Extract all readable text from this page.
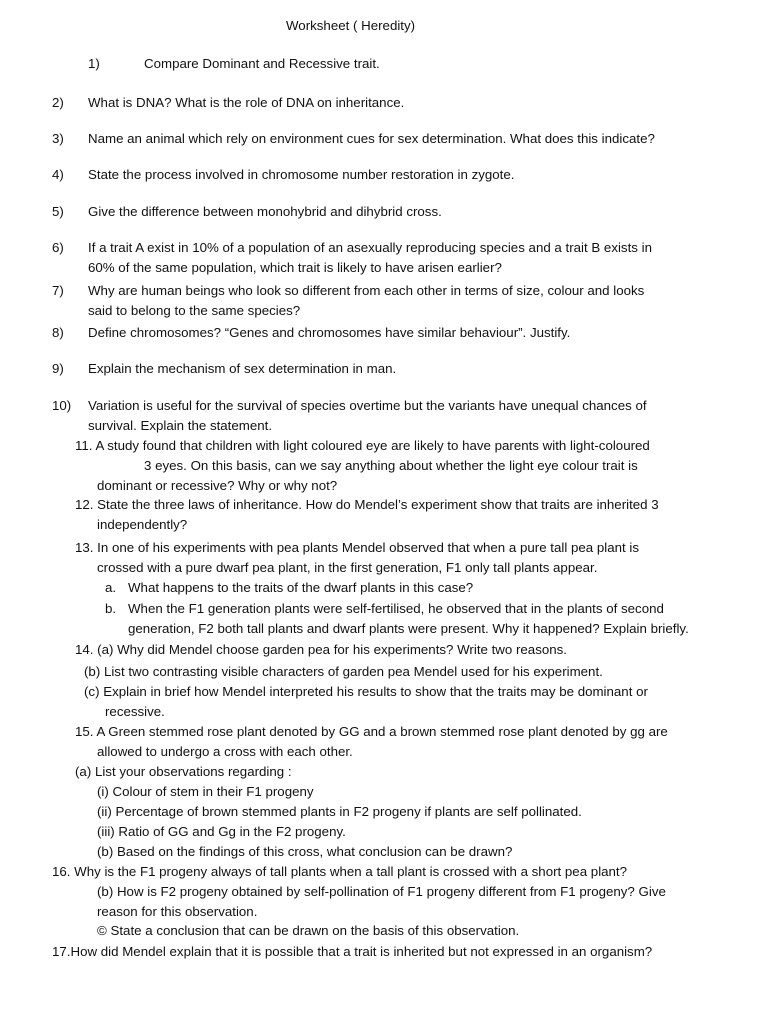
Worksheet ( Heredity)
1)	Compare Dominant and Recessive trait.
2) What is DNA? What is the role of DNA on inheritance.
3) Name an animal which rely on environment cues for sex determination. What does this indicate?
4) State the process involved in chromosome number restoration in zygote.
5) Give the difference between monohybrid and dihybrid cross.
6) If a trait A exist in 10% of a population of an asexually reproducing species and a trait B exists in
60% of the same population, which trait is likely to have arisen earlier?
7) Why are human beings who look so different from each other in terms of size, colour and looks
said to belong to the same species?
8) Define chromosomes? “Genes and chromosomes have similar behaviour”. Justify.
9) Explain the mechanism of sex determination in man.
10) Variation is useful for the survival of species overtime but the variants have unequal chances of
survival. Explain the statement.
11. A study found that children with light coloured eye are likely to have parents with light-coloured
3 eyes. On this basis, can we say anything about whether the light eye colour trait is
dominant or recessive? Why or why not?
12. State the three laws of inheritance. How do Mendel’s experiment show that traits are inherited 3
independently?
13. In one of his experiments with pea plants Mendel observed that when a pure tall pea plant is
crossed with a pure dwarf pea plant, in the first generation, F1 only tall plants appear.
a. What happens to the traits of the dwarf plants in this case?
b. When the F1 generation plants were self-fertilised, he observed that in the plants of second
generation, F2 both tall plants and dwarf plants were present. Why it happened? Explain briefly.
14. (a) Why did Mendel choose garden pea for his experiments? Write two reasons.
(b) List two contrasting visible characters of garden pea Mendel used for his experiment.
(c) Explain in brief how Mendel interpreted his results to show that the traits may be dominant or
recessive.
15. A Green stemmed rose plant denoted by GG and a brown stemmed rose plant denoted by gg are
allowed to undergo a cross with each other.
(a) List your observations regarding :
(i) Colour of stem in their F1 progeny
(ii) Percentage of brown stemmed plants in F2 progeny if plants are self pollinated.
(iii) Ratio of GG and Gg in the F2 progeny.
(b) Based on the findings of this cross, what conclusion can be drawn?
16. Why is the F1 progeny always of tall plants when a tall plant is crossed with a short pea plant?
(b) How is F2 progeny obtained by self-pollination of F1 progeny different from F1 progeny? Give
reason for this observation.
© State a conclusion that can be drawn on the basis of this observation.
17.How did Mendel explain that it is possible that a trait is inherited but not expressed in an organism?
